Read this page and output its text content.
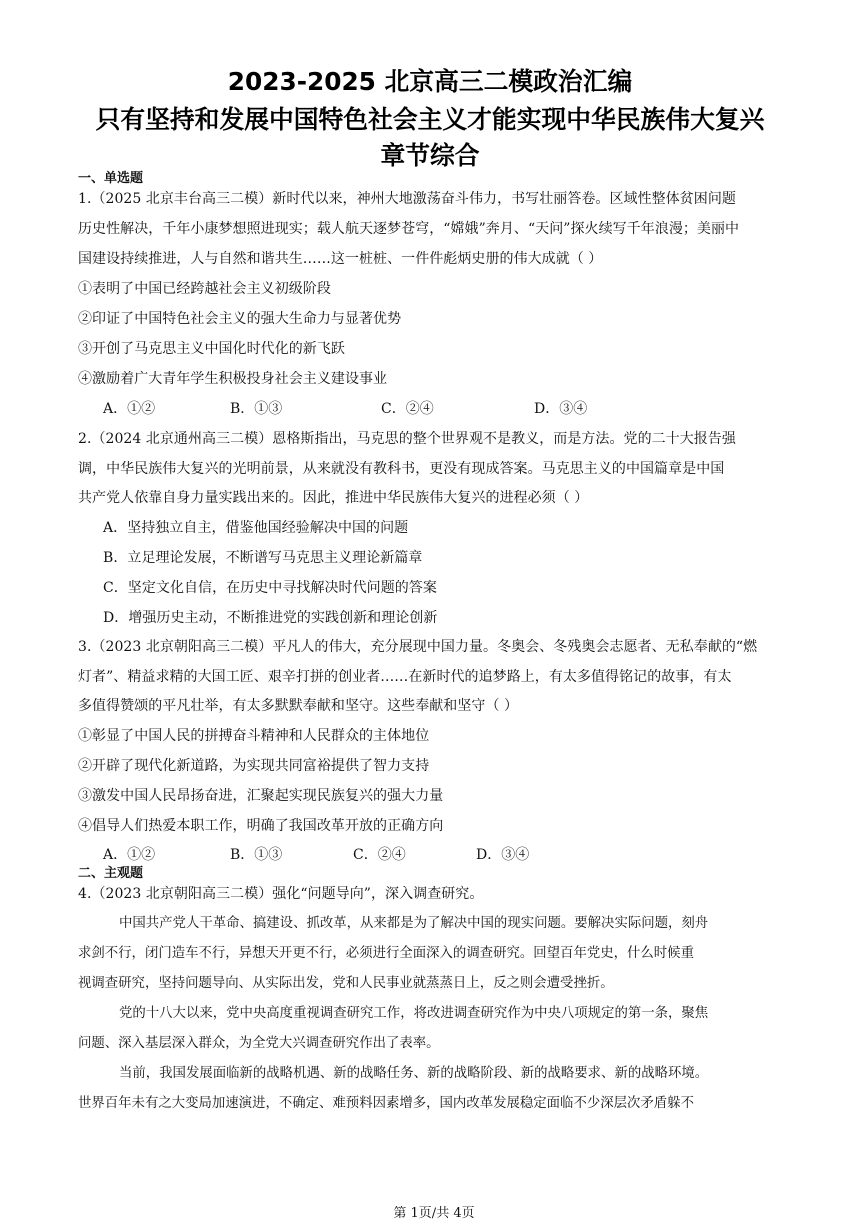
2023-2025 北京高三二模政治汇编
只有坚持和发展中国特色社会主义才能实现中华民族伟大复兴
章节综合
一、单选题
1.（2025 北京丰台高三二模）新时代以来，神州大地激荡奋斗伟力，书写壮丽答卷。区域性整体贫困问题
历史性解决，千年小康梦想照进现实；载人航天逐梦苍穹，“嫦娥”奔月、“天问”探火续写千年浪漫；美丽中
国建设持续推进，人与自然和谐共生……这一桩桩、一件件彪炳史册的伟大成就（ ）
①表明了中国已经跨越社会主义初级阶段
②印证了中国特色社会主义的强大生命力与显著优势
③开创了马克思主义中国化时代化的新飞跃
④激励着广大青年学生积极投身社会主义建设事业
A．①②	B．①③	C．②④	D．③④
2.（2024 北京通州高三二模）恩格斯指出，马克思的整个世界观不是教义，而是方法。党的二十大报告强
调，中华民族伟大复兴的光明前景，从来就没有教科书，更没有现成答案。马克思主义的中国篇章是中国
共产党人依靠自身力量实践出来的。因此，推进中华民族伟大复兴的进程必须（ ）
A．坚持独立自主，借鉴他国经验解决中国的问题
B．立足理论发展，不断谱写马克思主义理论新篇章
C．坚定文化自信，在历史中寻找解决时代问题的答案
D．增强历史主动，不断推进党的实践创新和理论创新
3.（2023 北京朝阳高三二模）平凡人的伟大，充分展现中国力量。冬奥会、冬残奥会志愿者、无私奉献的“燃
灯者”、精益求精的大国工匠、艰辛打拼的创业者……在新时代的追梦路上，有太多值得铭记的故事，有太
多值得赞颂的平凡壮举，有太多默默奉献和坚守。这些奉献和坚守（ ）
①彰显了中国人民的拼搏奋斗精神和人民群众的主体地位
②开辟了现代化新道路，为实现共同富裕提供了智力支持
③激发中国人民昂扬奋进，汇聚起实现民族复兴的强大力量
④倡导人们热爱本职工作，明确了我国改革开放的正确方向
A．①②	B．①③	C．②④	D．③④
二、主观题
4.（2023 北京朝阳高三二模）强化“问题导向”，深入调查研究。
中国共产党人干革命、搞建设、抓改革，从来都是为了解决中国的现实问题。要解决实际问题，刻舟
求剑不行，闭门造车不行，异想天开更不行，必须进行全面深入的调查研究。回望百年党史，什么时候重
视调查研究，坚持问题导向、从实际出发，党和人民事业就蒸蒸日上，反之则会遭受挫折。
党的十八大以来，党中央高度重视调查研究工作，将改进调查研究作为中央八项规定的第一条，聚焦
问题、深入基层深入群众，为全党大兴调查研究作出了表率。
当前，我国发展面临新的战略机遇、新的战略任务、新的战略阶段、新的战略要求、新的战略环境。
世界百年未有之大变局加速演进，不确定、难预料因素增多，国内改革发展稳定面临不少深层次矛盾躲不
第 1页/共 4页
